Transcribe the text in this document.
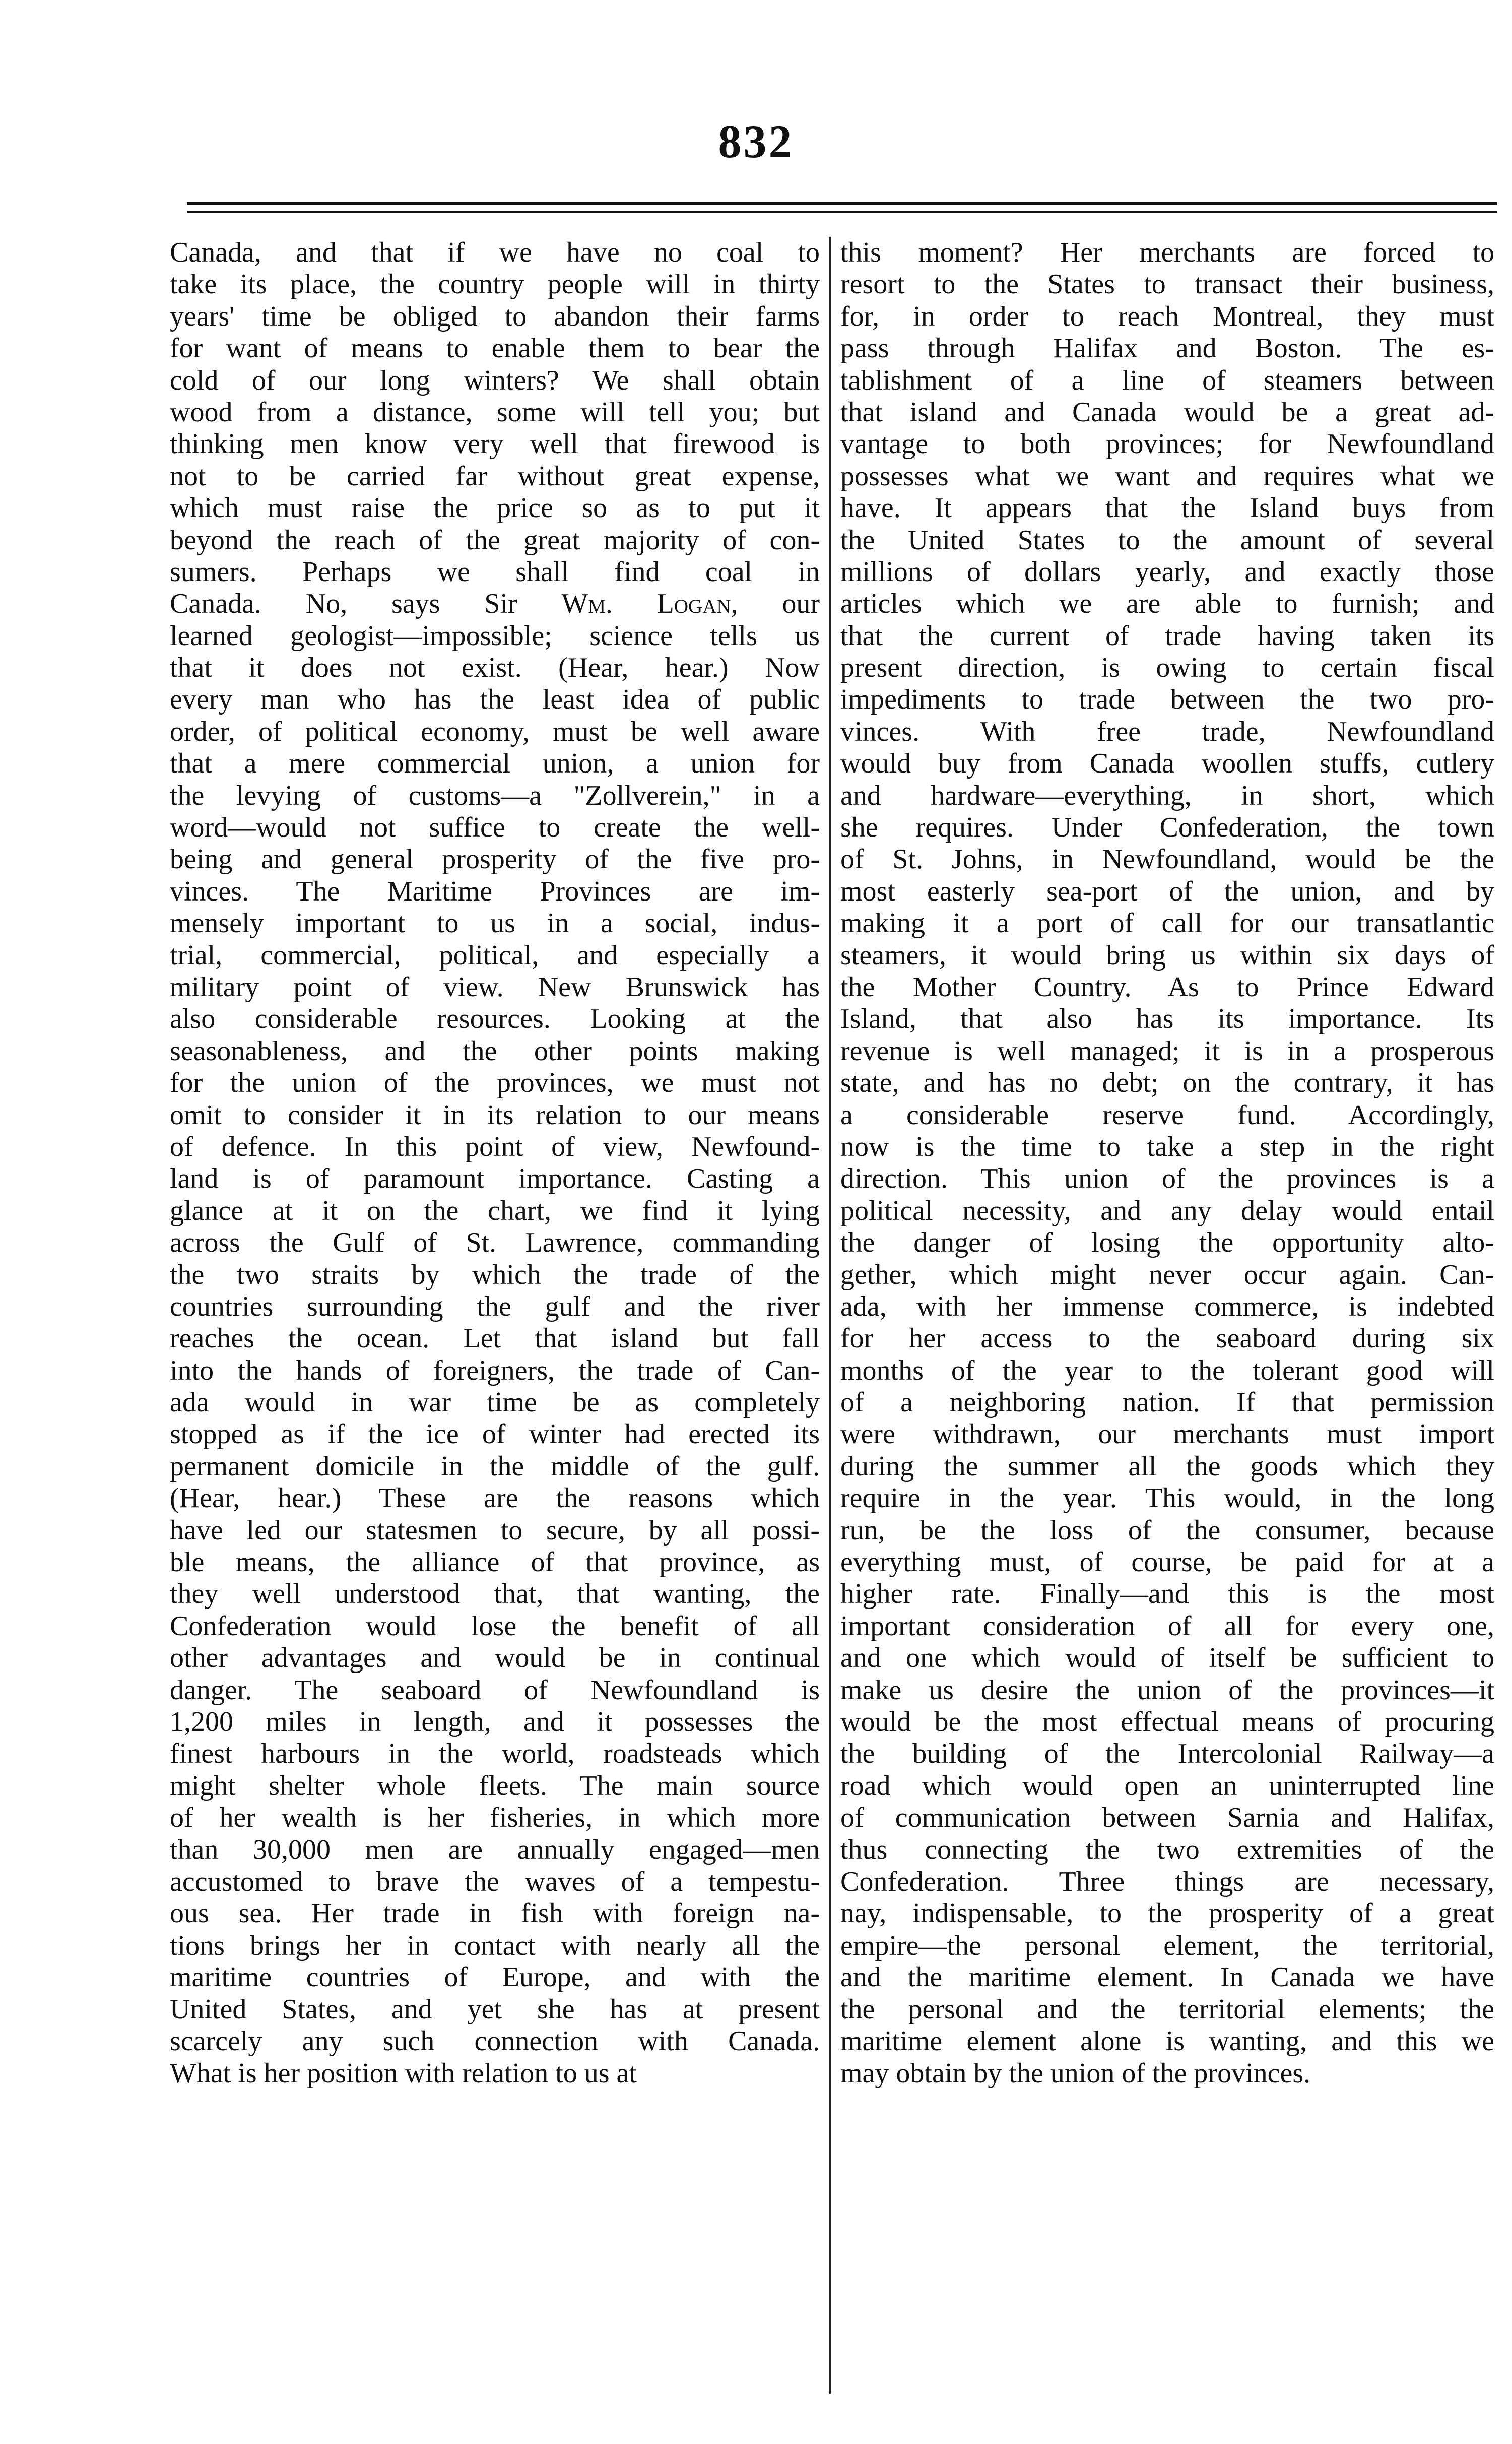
832
Canada, and that if we have no coal to
take its place, the country people will in thirty
years' time be obliged to abandon their farms
for want of means to enable them to bear the
cold of our long winters? We shall obtain
wood from a distance, some will tell you; but
thinking men know very well that firewood is
not to be carried far without great expense,
which must raise the price so as to put it
beyond the reach of the great majority of con-
sumers. Perhaps we shall find coal in
Canada. No, says Sir Wm. Logan, our
learned geologist—impossible; science tells us
that it does not exist. (Hear, hear.) Now
every man who has the least idea of public
order, of political economy, must be well aware
that a mere commercial union, a union for
the levying of customs—a "Zollverein," in a
word—would not suffice to create the well-
being and general prosperity of the five pro-
vinces. The Maritime Provinces are im-
mensely important to us in a social, indus-
trial, commercial, political, and especially a
military point of view. New Brunswick has
also considerable resources. Looking at the
seasonableness, and the other points making
for the union of the provinces, we must not
omit to consider it in its relation to our means
of defence. In this point of view, Newfound-
land is of paramount importance. Casting a
glance at it on the chart, we find it lying
across the Gulf of St. Lawrence, commanding
the two straits by which the trade of the
countries surrounding the gulf and the river
reaches the ocean. Let that island but fall
into the hands of foreigners, the trade of Can-
ada would in war time be as completely
stopped as if the ice of winter had erected its
permanent domicile in the middle of the gulf.
(Hear, hear.) These are the reasons which
have led our statesmen to secure, by all possi-
ble means, the alliance of that province, as
they well understood that, that wanting, the
Confederation would lose the benefit of all
other advantages and would be in continual
danger. The seaboard of Newfoundland is
1,200 miles in length, and it possesses the
finest harbours in the world, roadsteads which
might shelter whole fleets. The main source
of her wealth is her fisheries, in which more
than 30,000 men are annually engaged—men
accustomed to brave the waves of a tempestu-
ous sea. Her trade in fish with foreign na-
tions brings her in contact with nearly all the
maritime countries of Europe, and with the
United States, and yet she has at present
scarcely any such connection with Canada.
What is her position with relation to us at
this moment? Her merchants are forced to
resort to the States to transact their business,
for, in order to reach Montreal, they must
pass through Halifax and Boston. The es-
tablishment of a line of steamers between
that island and Canada would be a great ad-
vantage to both provinces; for Newfoundland
possesses what we want and requires what we
have. It appears that the Island buys from
the United States to the amount of several
millions of dollars yearly, and exactly those
articles which we are able to furnish; and
that the current of trade having taken its
present direction, is owing to certain fiscal
impediments to trade between the two pro-
vinces. With free trade, Newfoundland
would buy from Canada woollen stuffs, cutlery
and hardware—everything, in short, which
she requires. Under Confederation, the town
of St. Johns, in Newfoundland, would be the
most easterly sea-port of the union, and by
making it a port of call for our transatlantic
steamers, it would bring us within six days of
the Mother Country. As to Prince Edward
Island, that also has its importance. Its
revenue is well managed; it is in a prosperous
state, and has no debt; on the contrary, it has
a considerable reserve fund. Accordingly,
now is the time to take a step in the right
direction. This union of the provinces is a
political necessity, and any delay would entail
the danger of losing the opportunity alto-
gether, which might never occur again. Can-
ada, with her immense commerce, is indebted
for her access to the seaboard during six
months of the year to the tolerant good will
of a neighboring nation. If that permission
were withdrawn, our merchants must import
during the summer all the goods which they
require in the year. This would, in the long
run, be the loss of the consumer, because
everything must, of course, be paid for at a
higher rate. Finally—and this is the most
important consideration of all for every one,
and one which would of itself be sufficient to
make us desire the union of the provinces—it
would be the most effectual means of procuring
the building of the Intercolonial Railway—a
road which would open an uninterrupted line
of communication between Sarnia and Halifax,
thus connecting the two extremities of the
Confederation. Three things are necessary,
nay, indispensable, to the prosperity of a great
empire—the personal element, the territorial,
and the maritime element. In Canada we have
the personal and the territorial elements; the
maritime element alone is wanting, and this we
may obtain by the union of the provinces.
